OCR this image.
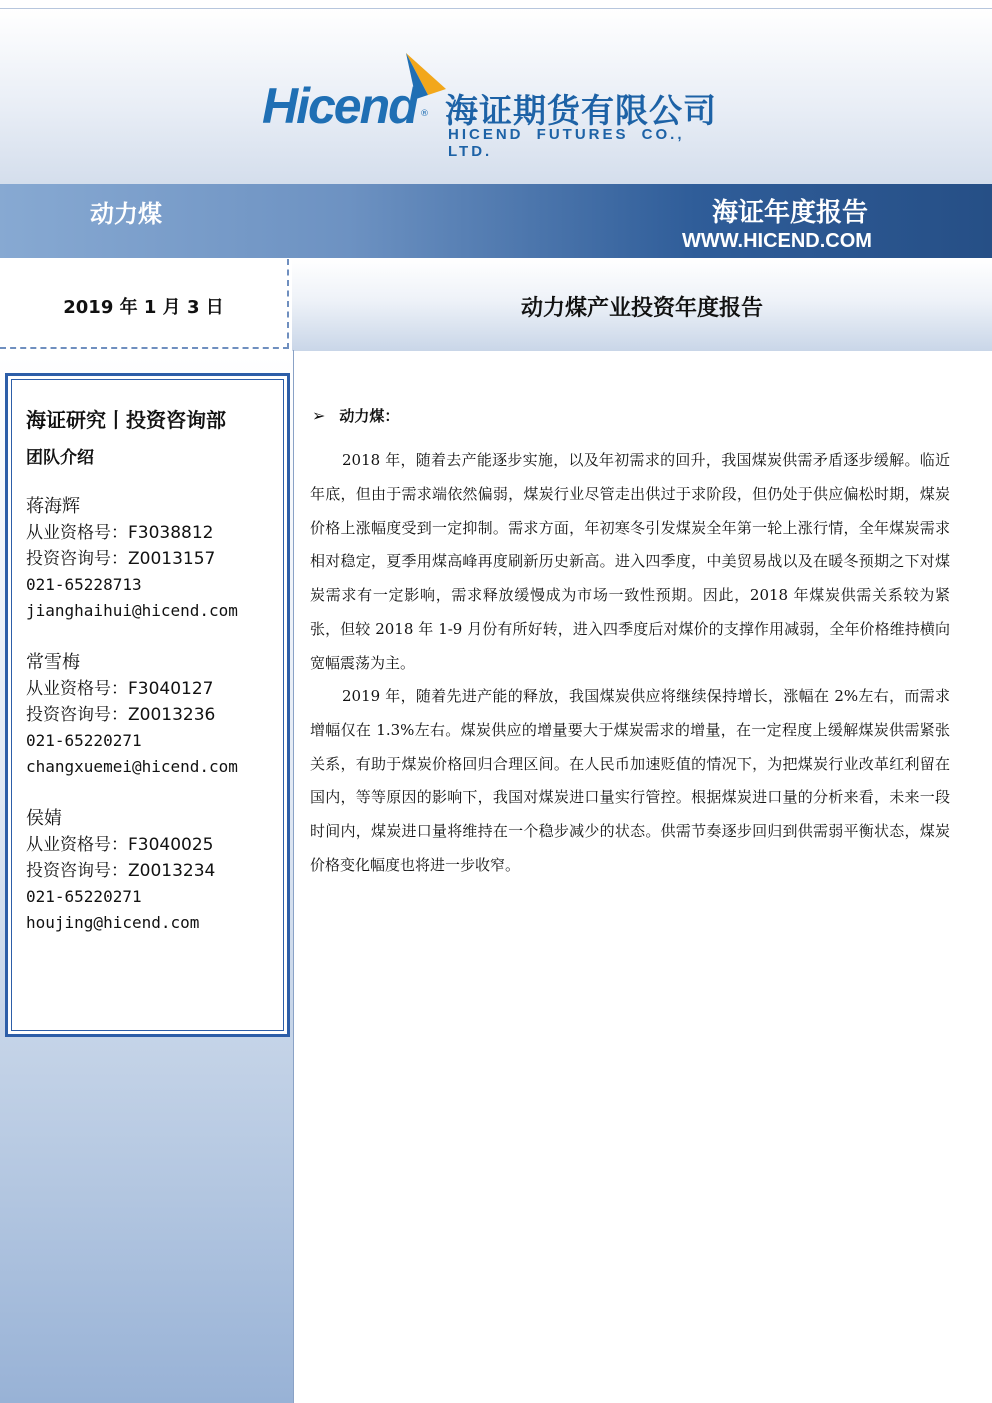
Hicend ® 海证期货有限公司
HICEND FUTURES CO., LTD.
动力煤	海证年度报告
WWW.HICEND.COM
2019 年 1 月 3 日	动力煤产业投资年度报告
海证研究丨投资咨询部
团队介绍
蒋海辉
从业资格号：F3038812
投资咨询号：Z0013157
021-65228713
jianghaihui@hicend.com
常雪梅
从业资格号：F3040127
投资咨询号：Z0013236
021-65220271
changxuemei@hicend.com
侯婧
从业资格号：F3040025
投资咨询号：Z0013234
021-65220271
houjing@hicend.com
➢ 动力煤：

2018 年，随着去产能逐步实施，以及年初需求的回升，我国煤炭供需矛盾逐步缓解。临近年底，但由于需求端依然偏弱，煤炭行业尽管走出供过于求阶段，但仍处于供应偏松时期，煤炭价格上涨幅度受到一定抑制。需求方面，年初寒冬引发煤炭全年第一轮上涨行情，全年煤炭需求相对稳定，夏季用煤高峰再度刷新历史新高。进入四季度，中美贸易战以及在暖冬预期之下对煤炭需求有一定影响，需求释放缓慢成为市场一致性预期。因此，2018 年煤炭供需关系较为紧张，但较 2018 年 1-9 月份有所好转，进入四季度后对煤价的支撑作用减弱，全年价格维持横向宽幅震荡为主。

2019 年，随着先进产能的释放，我国煤炭供应将继续保持增长，涨幅在 2%左右，而需求增幅仅在 1.3%左右。煤炭供应的增量要大于煤炭需求的增量，在一定程度上缓解煤炭供需紧张关系，有助于煤炭价格回归合理区间。在人民币加速贬值的情况下，为把煤炭行业改革红利留在国内，等等原因的影响下，我国对煤炭进口量实行管控。根据煤炭进口量的分析来看，未来一段时间内，煤炭进口量将维持在一个稳步减少的状态。供需节奏逐步回归到供需弱平衡状态，煤炭价格变化幅度也将进一步收窄。
